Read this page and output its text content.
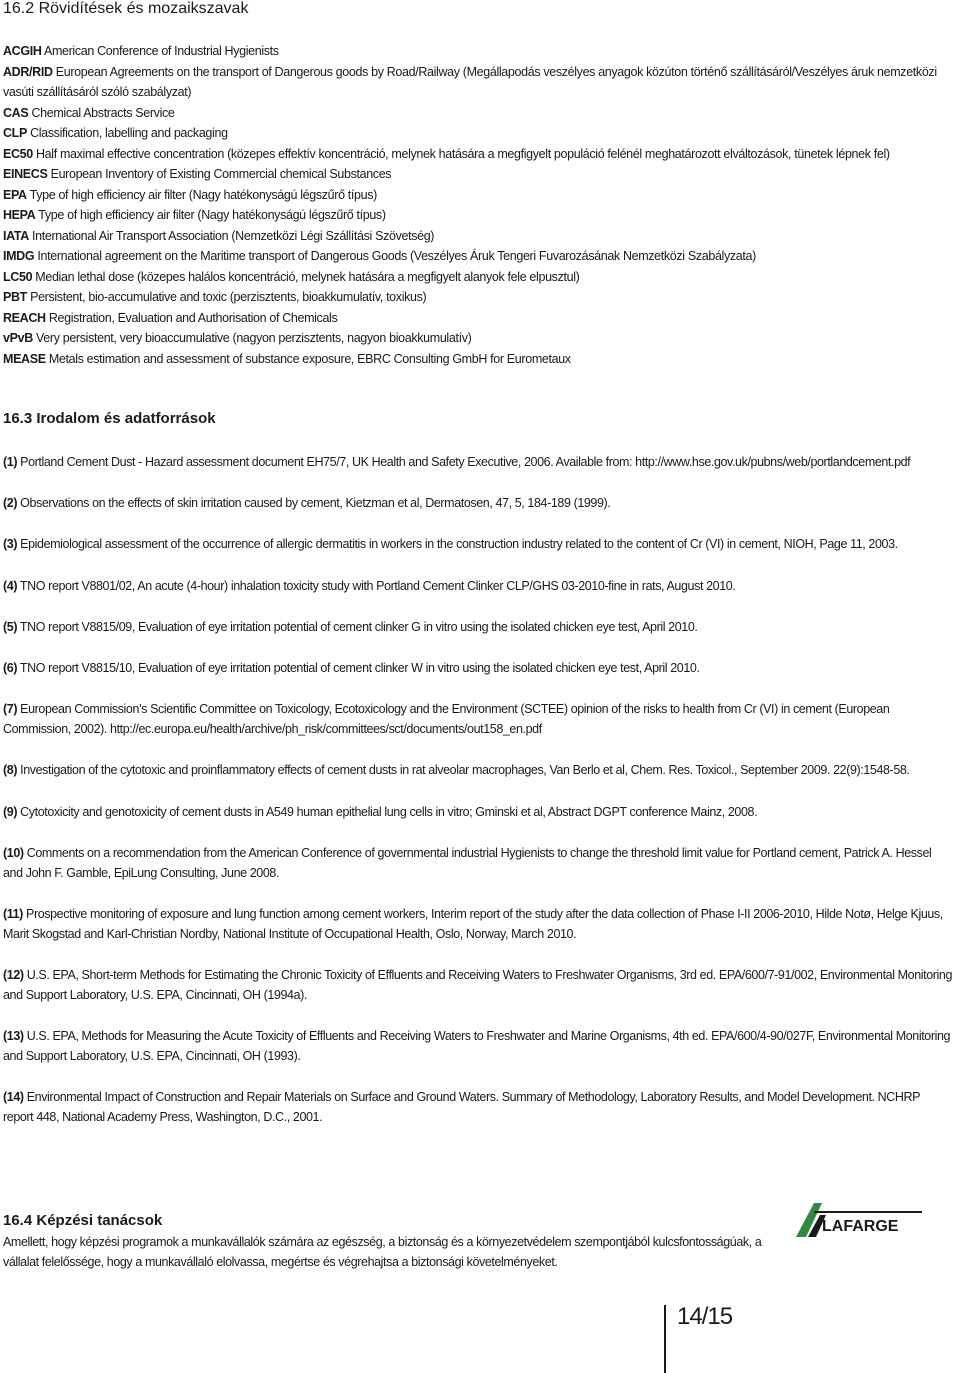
16.2 Rövidítések és mozaikszavak
ACGIH American Conference of Industrial Hygienists
ADR/RID European Agreements on the transport of Dangerous goods by Road/Railway (Megállapodás veszélyes anyagok közúton történő szállításáról/Veszélyes áruk nemzetközi vasúti szállításáról szóló szabályzat)
CAS Chemical Abstracts Service
CLP Classification, labelling and packaging
EC50 Half maximal effective concentration (közepes effektív koncentráció, melynek hatására a megfigyelt populáció felénél meghatározott elváltozások, tünetek lépnek fel)
EINECS European Inventory of Existing Commercial chemical Substances
EPA Type of high efficiency air filter (Nagy hatékonyságú légszűrő típus)
HEPA Type of high efficiency air filter (Nagy hatékonyságú légszűrő típus)
IATA International Air Transport Association (Nemzetközi Légi Szállítási Szövetség)
IMDG International agreement on the Maritime transport of Dangerous Goods (Veszélyes Áruk Tengeri Fuvarozásának Nemzetközi Szabályzata)
LC50 Median lethal dose (közepes halálos koncentráció, melynek hatására a megfigyelt alanyok fele elpusztul)
PBT Persistent, bio-accumulative and toxic (perzisztents, bioakkumulatív, toxikus)
REACH Registration, Evaluation and Authorisation of Chemicals
vPvB Very persistent, very bioaccumulative (nagyon perzisztents, nagyon bioakkumulatív)
MEASE Metals estimation and assessment of substance exposure, EBRC Consulting GmbH for Eurometaux
16.3 Irodalom és adatforrások
(1) Portland Cement Dust - Hazard assessment document EH75/7, UK Health and Safety Executive, 2006. Available from: http://www.hse.gov.uk/pubns/web/portlandcement.pdf
(2) Observations on the effects of skin irritation caused by cement, Kietzman et al, Dermatosen, 47, 5, 184-189 (1999).
(3) Epidemiological assessment of the occurrence of allergic dermatitis in workers in the construction industry related to the content of Cr (VI) in cement, NIOH, Page 11, 2003.
(4) TNO report V8801/02, An acute (4-hour) inhalation toxicity study with Portland Cement Clinker CLP/GHS 03-2010-fine in rats, August 2010.
(5) TNO report V8815/09, Evaluation of eye irritation potential of cement clinker G in vitro using the isolated chicken eye test, April 2010.
(6) TNO report V8815/10, Evaluation of eye irritation potential of cement clinker W in vitro using the isolated chicken eye test, April 2010.
(7) European Commission’s Scientific Committee on Toxicology, Ecotoxicology and the Environment (SCTEE) opinion of the risks to health from Cr (VI) in cement (European Commission, 2002). http://ec.europa.eu/health/archive/ph_risk/committees/sct/documents/out158_en.pdf
(8) Investigation of the cytotoxic and proinflammatory effects of cement dusts in rat alveolar macrophages, Van Berlo et al, Chem. Res. Toxicol., September 2009. 22(9):1548-58.
(9) Cytotoxicity and genotoxicity of cement dusts in A549 human epithelial lung cells in vitro; Gminski et al, Abstract DGPT conference Mainz, 2008.
(10) Comments on a recommendation from the American Conference of governmental industrial Hygienists to change the threshold limit value for Portland cement, Patrick A. Hessel and John F. Gamble, EpiLung Consulting, June 2008.
(11) Prospective monitoring of exposure and lung function among cement workers, Interim report of the study after the data collection of Phase I-II 2006-2010, Hilde Notø, Helge Kjuus, Marit Skogstad and Karl-Christian Nordby, National Institute of Occupational Health, Oslo, Norway, March 2010.
(12) U.S. EPA, Short-term Methods for Estimating the Chronic Toxicity of Effluents and Receiving Waters to Freshwater Organisms, 3rd ed. EPA/600/7-91/002, Environmental Monitoring and Support Laboratory, U.S. EPA, Cincinnati, OH (1994a).
(13) U.S. EPA, Methods for Measuring the Acute Toxicity of Effluents and Receiving Waters to Freshwater and Marine Organisms, 4th ed. EPA/600/4-90/027F, Environmental Monitoring and Support Laboratory, U.S. EPA, Cincinnati, OH (1993).
(14) Environmental Impact of Construction and Repair Materials on Surface and Ground Waters. Summary of Methodology, Laboratory Results, and Model Development. NCHRP report 448, National Academy Press, Washington, D.C., 2001.
16.4 Képzési tanácsok

Amellett, hogy képzési programok a munkavállalók számára az egészség, a biztonság és a környezetvédelem szempontjából kulcsfontosságúak, a vállalat felelőssége, hogy a munkavállaló elolvassa, megértse és végrehajtsa a biztonsági követelményeket.

LAFARGE
14/15
